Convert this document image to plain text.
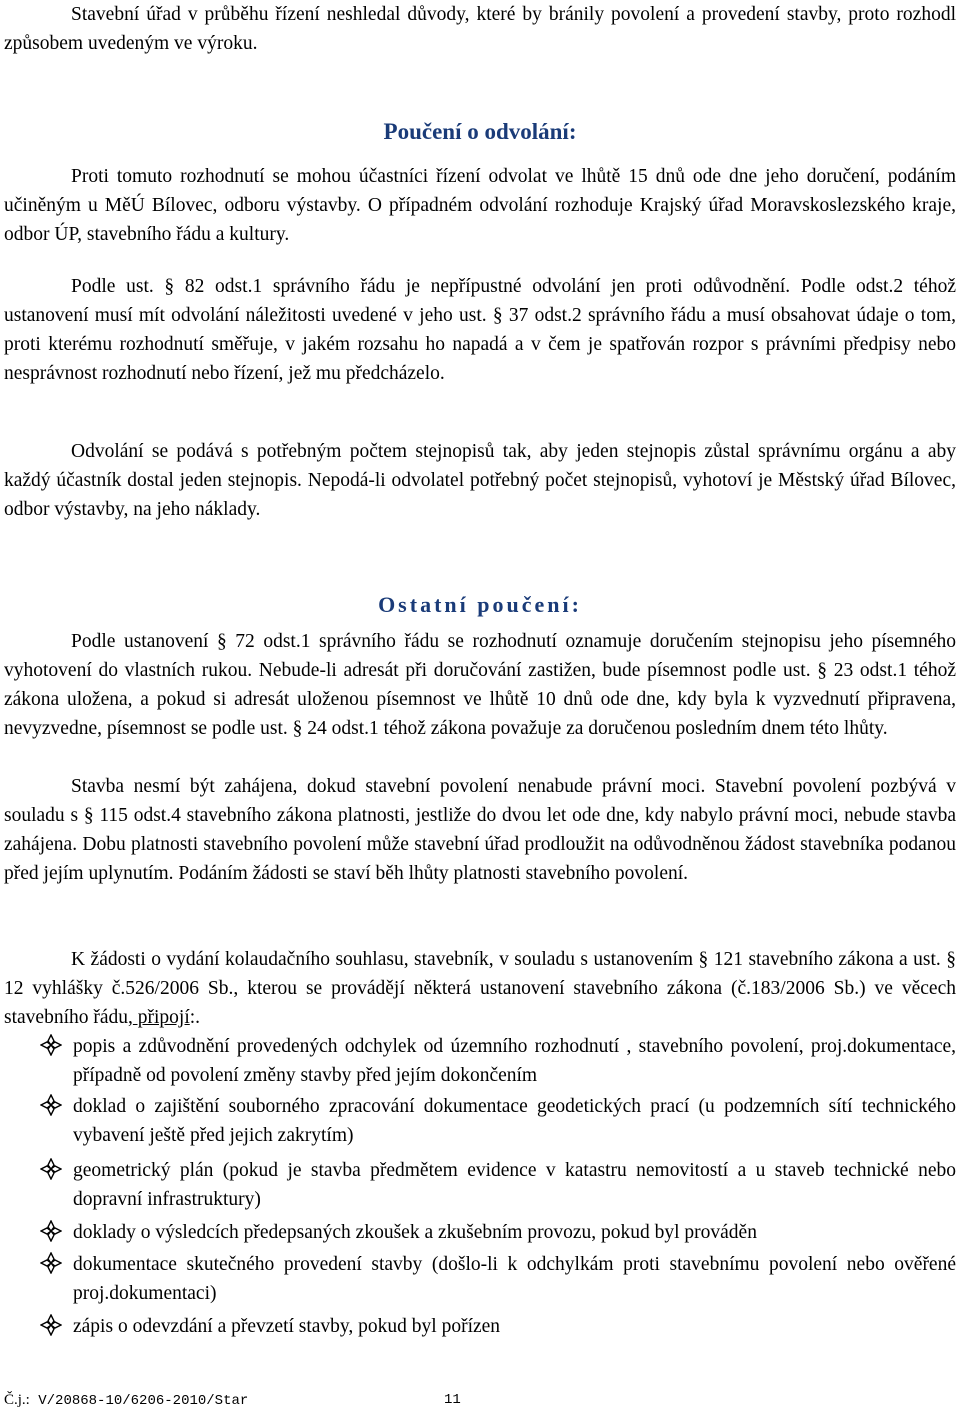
Stavební úřad v průběhu řízení neshledal důvody, které by bránily povolení a provedení stavby, proto rozhodl způsobem uvedeným ve výroku.

Poučení o odvolání:

Proti tomuto rozhodnutí se mohou účastníci řízení odvolat ve lhůtě 15 dnů ode dne jeho doručení, podáním učiněným u MěÚ Bílovec, odboru výstavby. O případném odvolání rozhoduje Krajský úřad Moravskoslezského kraje, odbor ÚP, stavebního řádu a kultury.

Podle ust. § 82 odst.1 správního řádu je nepřípustné odvolání jen proti odůvodnění. Podle odst.2 téhož ustanovení musí mít odvolání náležitosti uvedené v jeho ust. § 37 odst.2 správního řádu a musí obsahovat údaje o tom, proti kterému rozhodnutí směřuje, v jakém rozsahu ho napadá a v čem je spatřován rozpor s právními předpisy nebo nesprávnost rozhodnutí nebo řízení, jež mu předcházelo.

Odvolání se podává s potřebným počtem stejnopisů tak, aby jeden stejnopis zůstal správnímu orgánu a aby každý účastník dostal jeden stejnopis. Nepodá-li odvolatel potřebný počet stejnopisů, vyhotoví je Městský úřad Bílovec, odbor výstavby, na jeho náklady.

Ostatní poučení:

Podle ustanovení § 72 odst.1 správního řádu se rozhodnutí oznamuje doručením stejnopisu jeho písemného vyhotovení do vlastních rukou. Nebude-li adresát při doručování zastižen, bude písemnost podle ust. § 23 odst.1 téhož zákona uložena, a pokud si adresát uloženou písemnost ve lhůtě 10 dnů ode dne, kdy byla k vyzvednutí připravena, nevyzvedne, písemnost se podle ust. § 24 odst.1 téhož zákona považuje za doručenou posledním dnem této lhůty.

Stavba nesmí být zahájena, dokud stavební povolení nenabude právní moci. Stavební povolení pozbývá v souladu s § 115 odst.4 stavebního zákona platnosti, jestliže do dvou let ode dne, kdy nabylo právní moci, nebude stavba zahájena. Dobu platnosti stavebního povolení může stavební úřad prodloužit na odůvodněnou žádost stavebníka podanou před jejím uplynutím. Podáním žádosti se staví běh lhůty platnosti stavebního povolení.

K žádosti o vydání kolaudačního souhlasu, stavebník, v souladu s ustanovením § 121 stavebního zákona a ust. § 12 vyhlášky č.526/2006 Sb., kterou se provádějí některá ustanovení stavebního zákona (č.183/2006 Sb.) ve věcech stavebního řádu, připojí:.

popis a zdůvodnění provedených odchylek od územního rozhodnutí , stavebního povolení, proj.dokumentace, případně od povolení změny stavby před jejím dokončením
doklad o zajištění souborného zpracování dokumentace geodetických prací (u podzemních sítí technického vybavení ještě před jejich zakrytím)
geometrický plán (pokud je stavba předmětem evidence v katastru nemovitostí a u staveb technické nebo dopravní infrastruktury)
doklady o výsledcích předepsaných zkoušek a zkušebním provozu, pokud byl prováděn
dokumentace skutečného provedení stavby (došlo-li k odchylkám proti stavebnímu povolení nebo ověřené proj.dokumentaci)
zápis o odevzdání a převzetí stavby, pokud byl pořízen
Č.j.: V/20868-10/6206-2010/Star	11
